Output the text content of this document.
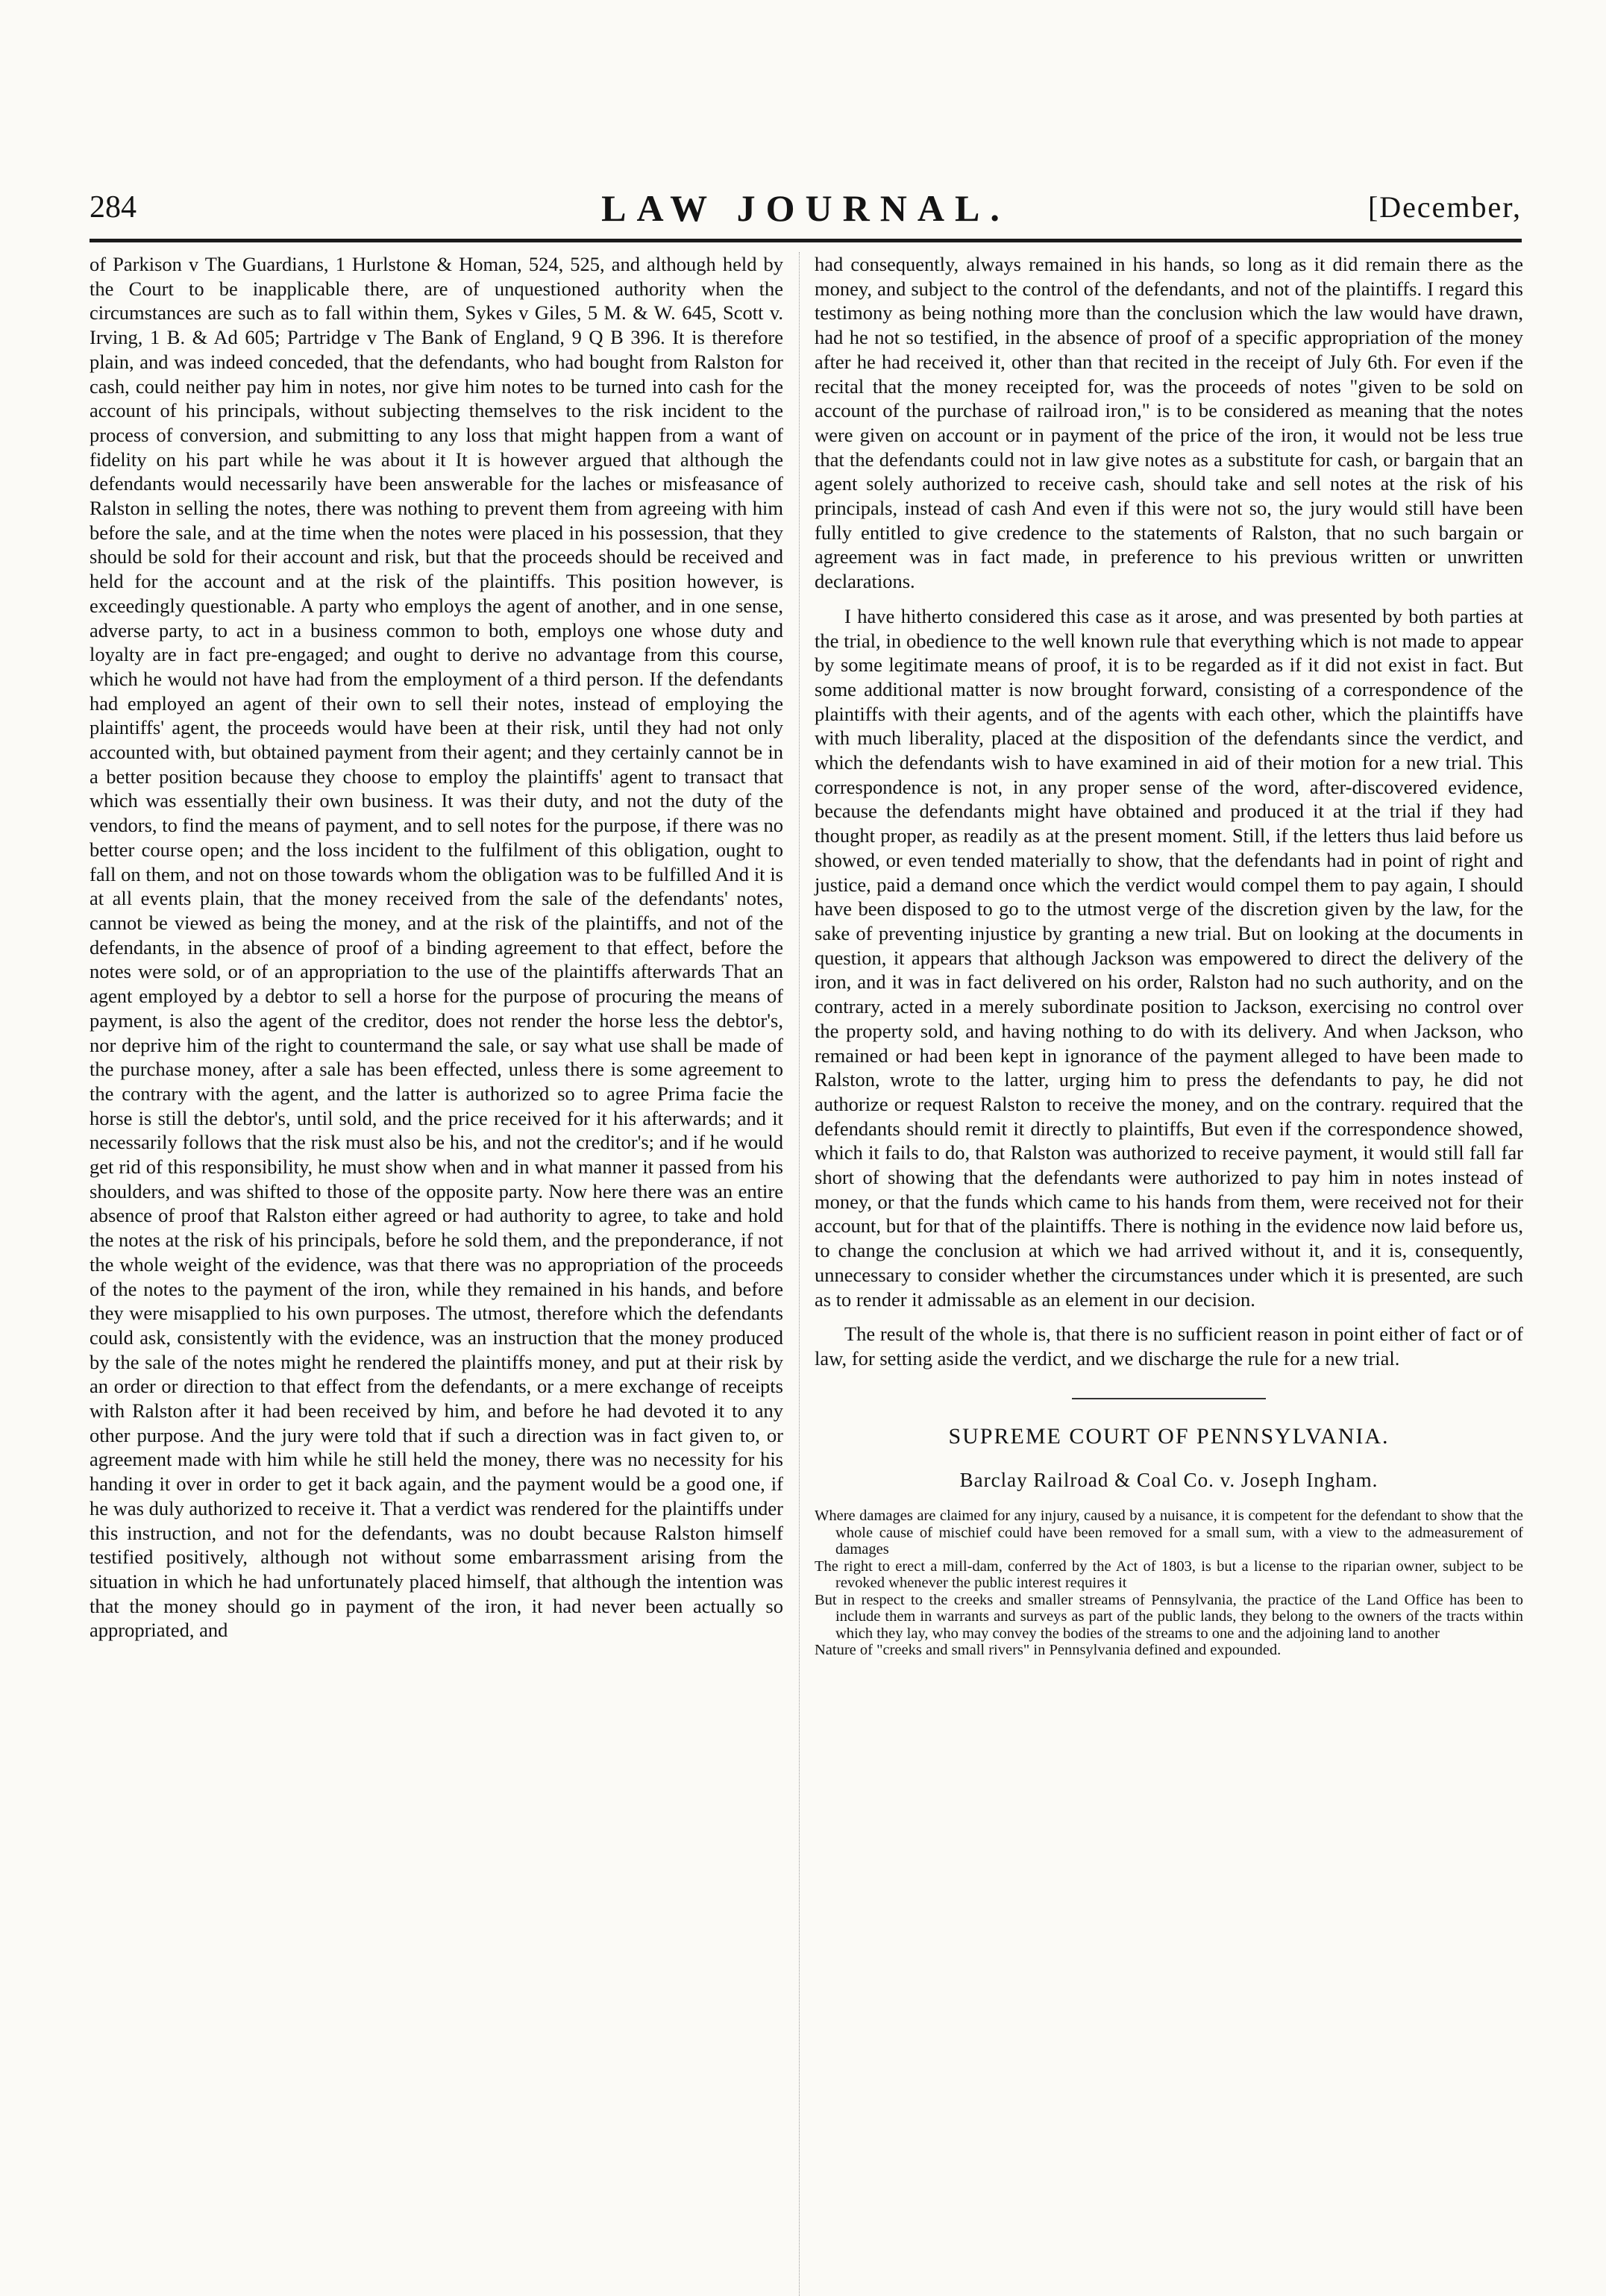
284	LAW JOURNAL.	[December,

of Parkison v The Guardians, 1 Hurlstone & Homan, 524, 525, and although held by the Court to be inapplicable there, are of unquestioned authority when the circumstances are such as to fall within them, Sykes v Giles, 5 M. & W. 645, Scott v. Irving, 1 B. & Ad 605; Partridge v The Bank of England, 9 Q B 396. It is therefore plain, and was indeed conceded, that the defendants, who had bought from Ralston for cash, could neither pay him in notes, nor give him notes to be turned into cash for the account of his principals, without subjecting themselves to the risk incident to the process of conversion, and submitting to any loss that might happen from a want of fidelity on his part while he was about it It is however argued that although the defendants would necessarily have been answerable for the laches or misfeasance of Ralston in selling the notes, there was nothing to prevent them from agreeing with him before the sale, and at the time when the notes were placed in his possession, that they should be sold for their account and risk, but that the proceeds should be received and held for the account and at the risk of the plaintiffs. This position however, is exceedingly questionable. A party who employs the agent of another, and in one sense, adverse party, to act in a business common to both, employs one whose duty and loyalty are in fact pre-engaged; and ought to derive no advantage from this course, which he would not have had from the employment of a third person. If the defendants had employed an agent of their own to sell their notes, instead of employing the plaintiffs' agent, the proceeds would have been at their risk, until they had not only accounted with, but obtained payment from their agent; and they certainly cannot be in a better position because they choose to employ the plaintiffs' agent to transact that which was essentially their own business. It was their duty, and not the duty of the vendors, to find the means of payment, and to sell notes for the purpose, if there was no better course open; and the loss incident to the fulfilment of this obligation, ought to fall on them, and not on those towards whom the obligation was to be fulfilled And it is at all events plain, that the money received from the sale of the defendants' notes, cannot be viewed as being the money, and at the risk of the plaintiffs, and not of the defendants, in the absence of proof of a binding agreement to that effect, before the notes were sold, or of an appropriation to the use of the plaintiffs afterwards That an agent employed by a debtor to sell a horse for the purpose of procuring the means of payment, is also the agent of the creditor, does not render the horse less the debtor's, nor deprive him of the right to countermand the sale, or say what use shall be made of the purchase money, after a sale has been effected, unless there is some agreement to the contrary with the agent, and the latter is authorized so to agree Prima facie the horse is still the debtor's, until sold, and the price received for it his afterwards; and it necessarily follows that the risk must also be his, and not the creditor's; and if he would get rid of this responsibility, he must show when and in what manner it passed from his shoulders, and was shifted to those of the opposite party. Now here there was an entire absence of proof that Ralston either agreed or had authority to agree, to take and hold the notes at the risk of his principals, before he sold them, and the preponderance, if not the whole weight of the evidence, was that there was no appropriation of the proceeds of the notes to the payment of the iron, while they remained in his hands, and before they were misapplied to his own purposes. The utmost, therefore which the defendants could ask, consistently with the evidence, was an instruction that the money produced by the sale of the notes might he rendered the plaintiffs money, and put at their risk by an order or direction to that effect from the defendants, or a mere exchange of receipts with Ralston after it had been received by him, and before he had devoted it to any other purpose. And the jury were told that if such a direction was in fact given to, or agreement made with him while he still held the money, there was no necessity for his handing it over in order to get it back again, and the payment would be a good one, if he was duly authorized to receive it. That a verdict was rendered for the plaintiffs under this instruction, and not for the defendants, was no doubt because Ralston himself testified positively, although not without some embarrassment arising from the situation in which he had unfortunately placed himself, that although the intention was that the money should go in payment of the iron, it had never been actually so appropriated, and

had consequently, always remained in his hands, so long as it did remain there as the money, and subject to the control of the defendants, and not of the plaintiffs. I regard this testimony as being nothing more than the conclusion which the law would have drawn, had he not so testified, in the absence of proof of a specific appropriation of the money after he had received it, other than that recited in the receipt of July 6th. For even if the recital that the money receipted for, was the proceeds of notes "given to be sold on account of the purchase of railroad iron," is to be considered as meaning that the notes were given on account or in payment of the price of the iron, it would not be less true that the defendants could not in law give notes as a substitute for cash, or bargain that an agent solely authorized to receive cash, should take and sell notes at the risk of his principals, instead of cash And even if this were not so, the jury would still have been fully entitled to give credence to the statements of Ralston, that no such bargain or agreement was in fact made, in preference to his previous written or unwritten declarations.

I have hitherto considered this case as it arose, and was presented by both parties at the trial, in obedience to the well known rule that everything which is not made to appear by some legitimate means of proof, it is to be regarded as if it did not exist in fact. But some additional matter is now brought forward, consisting of a correspondence of the plaintiffs with their agents, and of the agents with each other, which the plaintiffs have with much liberality, placed at the disposition of the defendants since the verdict, and which the defendants wish to have examined in aid of their motion for a new trial. This correspondence is not, in any proper sense of the word, after-discovered evidence, because the defendants might have obtained and produced it at the trial if they had thought proper, as readily as at the present moment. Still, if the letters thus laid before us showed, or even tended materially to show, that the defendants had in point of right and justice, paid a demand once which the verdict would compel them to pay again, I should have been disposed to go to the utmost verge of the discretion given by the law, for the sake of preventing injustice by granting a new trial. But on looking at the documents in question, it appears that although Jackson was empowered to direct the delivery of the iron, and it was in fact delivered on his order, Ralston had no such authority, and on the contrary, acted in a merely subordinate position to Jackson, exercising no control over the property sold, and having nothing to do with its delivery. And when Jackson, who remained or had been kept in ignorance of the payment alleged to have been made to Ralston, wrote to the latter, urging him to press the defendants to pay, he did not authorize or request Ralston to receive the money, and on the contrary. required that the defendants should remit it directly to plaintiffs, But even if the correspondence showed, which it fails to do, that Ralston was authorized to receive payment, it would still fall far short of showing that the defendants were authorized to pay him in notes instead of money, or that the funds which came to his hands from them, were received not for their account, but for that of the plaintiffs. There is nothing in the evidence now laid before us, to change the conclusion at which we had arrived without it, and it is, consequently, unnecessary to consider whether the circumstances under which it is presented, are such as to render it admissable as an element in our decision.

The result of the whole is, that there is no sufficient reason in point either of fact or of law, for setting aside the verdict, and we discharge the rule for a new trial.

SUPREME COURT OF PENNSYLVANIA.
Barclay Railroad & Coal Co. v. Joseph Ingham.

Where damages are claimed for any injury, caused by a nuisance, it is competent for the defendant to show that the whole cause of mischief could have been removed for a small sum, with a view to the admeasurement of damages

The right to erect a mill-dam, conferred by the Act of 1803, is but a license to the riparian owner, subject to be revoked whenever the public interest requires it

But in respect to the creeks and smaller streams of Pennsylvania, the practice of the Land Office has been to include them in warrants and surveys as part of the public lands, they belong to the owners of the tracts within which they lay, who may convey the bodies of the streams to one and the adjoining land to another

Nature of "creeks and small rivers" in Pennsylvania defined and expounded.
